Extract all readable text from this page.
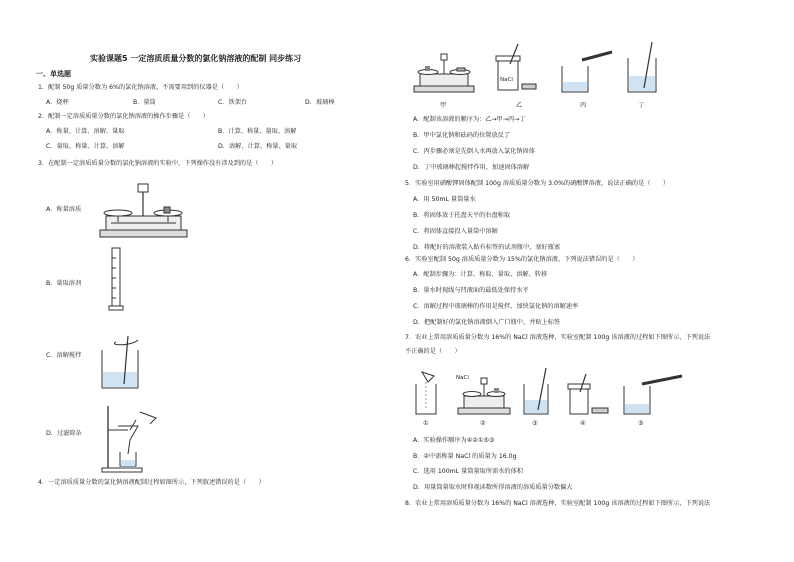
实验课题5 一定溶质质量分数的氯化钠溶液的配制 同步练习
一、单选题
1．配制 50g 质量分数为 6%的氯化钠溶液，不需要用到的仪器是（　　）
A．烧杯	B．量筒	C．铁架台	D．玻璃棒
2．配制一定溶质质量分数的氯化钠溶液的操作步骤是（　　）
A．称量、计算、溶解、量取	B．计算、称量、量取、溶解
C．量取、称量、计算、溶解	D．溶解、计算、称量、量取
3．在配制一定溶质质量分数的氯化钠溶液的实验中，下列操作没有涉及到的是（　　）
A．称量溶质
B．量取溶剂
C．溶解搅拌
D．过滤除杂
4．一定溶质质量分数的氯化钠溶液配制过程如图所示，下列叙述错误的是（　　）
NaCl
甲	乙	丙	丁
A．配制该溶液的顺序为：乙→甲→丙→丁
B．甲中氯化钠和砝码的位置放反了
C．丙步骤必须是先倒入水再放入氯化钠固体
D．丁中玻璃棒起搅拌作用，加速固体溶解
5．实验室用硝酸钾固体配制 100g 溶质质量分数为 3.0%的硝酸钾溶液，说法正确的是（　　）
A．用 50mL 量筒量水
B．将固体放于托盘天平的右盘称取
C．将固体直接投入量筒中溶解
D．将配好的溶液装入贴有标签的试剂瓶中，塞好瓶塞
6．实验室配制 50g 溶质质量分数为 15%的氯化钠溶液，下列说法错误的是（　　）
A．配制步骤为：计算、称取、量取、溶解、转移
B．量水时视线与凹液面的最低处保持水平
C．溶解过程中玻璃棒的作用是搅拌，加快氯化钠的溶解速率
D．把配制好的氯化钠溶液倒入广口瓶中，并贴上标签
7．农业上常用溶质质量分数为 16%的 NaCl 溶液选种，实验室配制 100g 该溶液的过程如下图所示，下列说法
不正确的是（　　）
NaCl
①	②	③	④	⑤
A．实验操作顺序为④②①⑤③
B．②中需称量 NaCl 的质量为 16.0g
C．选用 100mL 量筒量取所需水的体积
D．用量筒量取水时仰视读数所得溶液的溶质质量分数偏大
8．农业上常用溶质质量分数为 16%的 NaCl 溶液选种，实验室配制 100g 该溶液的过程如下图所示，下列说法
